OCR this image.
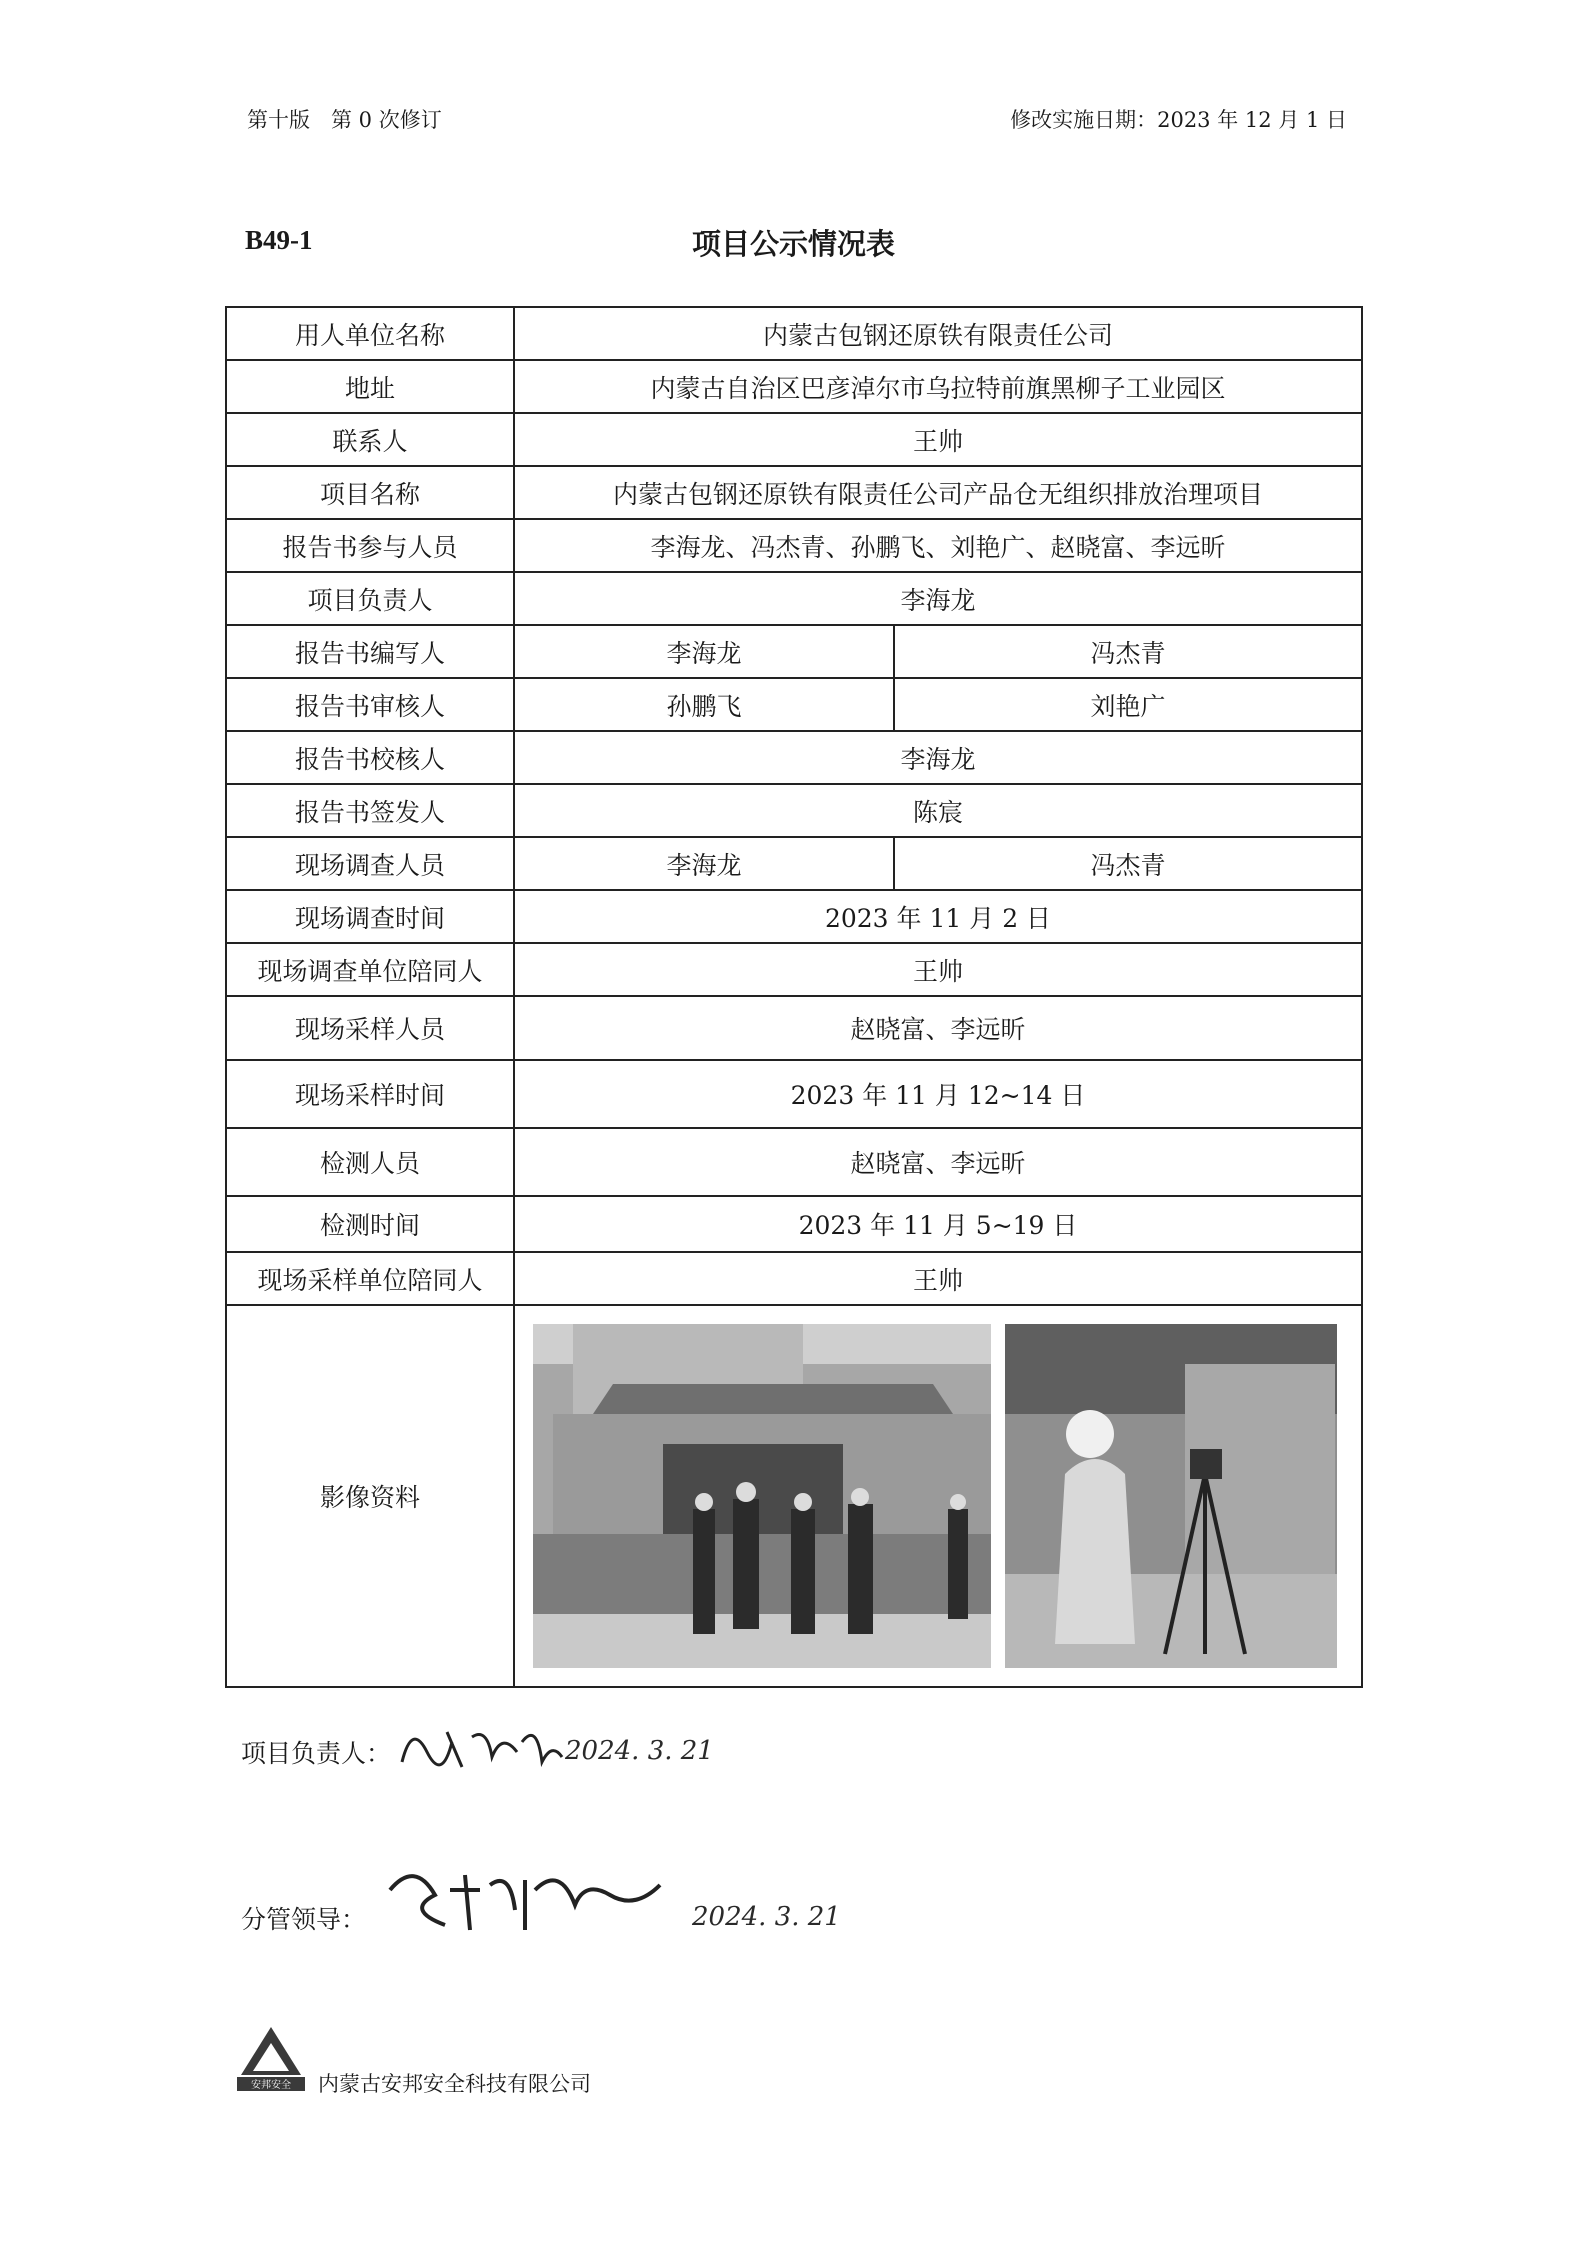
第十版　第 0 次修订	修改实施日期：2023 年 12 月 1 日
B49-1	项目公示情况表
用人单位名称	内蒙古包钢还原铁有限责任公司	
地址	内蒙古自治区巴彦淖尔市乌拉特前旗黑柳子工业园区	
联系人	王帅	
项目名称	内蒙古包钢还原铁有限责任公司产品仓无组织排放治理项目	
报告书参与人员	李海龙、冯杰青、孙鹏飞、刘艳广、赵晓富、李远昕	
项目负责人	李海龙	
报告书编写人	李海龙	冯杰青
报告书审核人	孙鹏飞	刘艳广
报告书校核人	李海龙	
报告书签发人	陈宸	
现场调查人员	李海龙	冯杰青
现场调查时间	2023 年 11 月 2 日	
现场调查单位陪同人	王帅	
现场采样人员	赵晓富、李远昕	
现场采样时间	2023 年 11 月 12~14 日	
检测人员	赵晓富、李远昕	
检测时间	2023 年 11 月 5~19 日	
现场采样单位陪同人	王帅	
影像资料	
项目负责人：	2024. 3. 21
分管领导：	2024. 3. 21
安邦安全 内蒙古安邦安全科技有限公司
